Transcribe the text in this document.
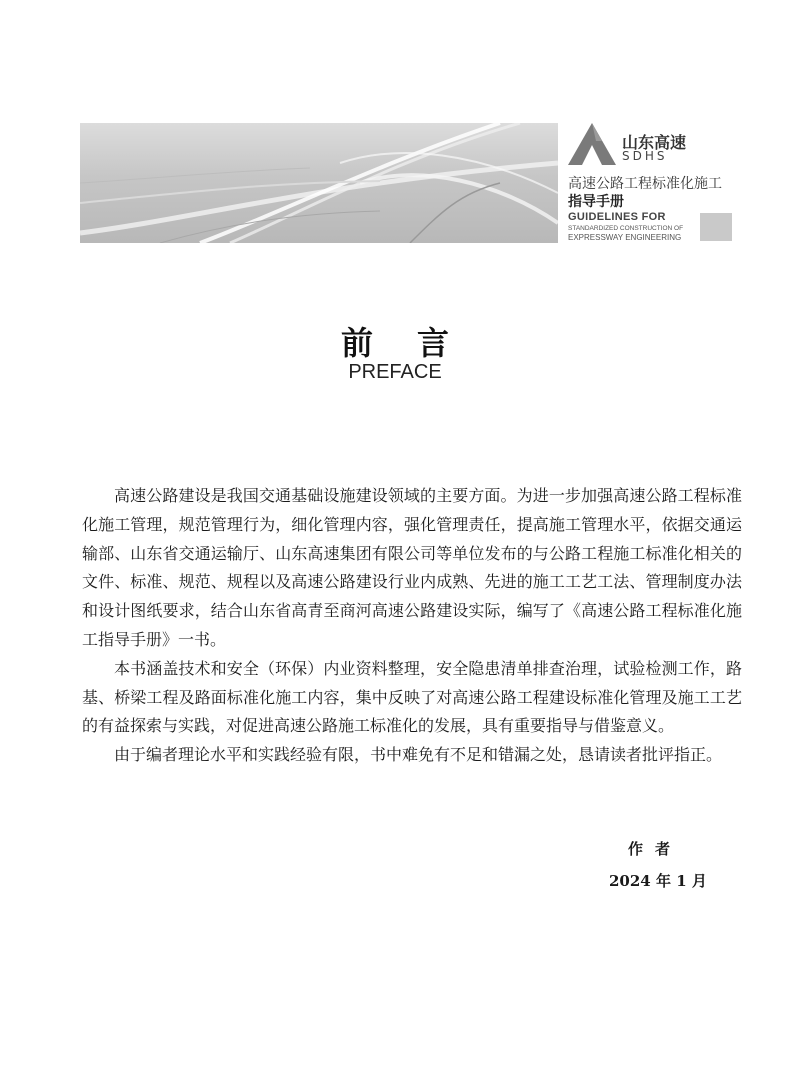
山东高速
SDHS
高速公路工程标准化施工
指导手册
GUIDELINES FOR
STANDARDIZED CONSTRUCTION OF
EXPRESSWAY ENGINEERING
前言
PREFACE

高速公路建设是我国交通基础设施建设领域的主要方面。为进一步加强高速公路工程标准化施工管理，规范管理行为，细化管理内容，强化管理责任，提高施工管理水平，依据交通运输部、山东省交通运输厅、山东高速集团有限公司等单位发布的与公路工程施工标准化相关的文件、标准、规范、规程以及高速公路建设行业内成熟、先进的施工工艺工法、管理制度办法和设计图纸要求，结合山东省高青至商河高速公路建设实际，编写了《高速公路工程标准化施工指导手册》一书。

本书涵盖技术和安全（环保）内业资料整理，安全隐患清单排查治理，试验检测工作，路基、桥梁工程及路面标准化施工内容，集中反映了对高速公路工程建设标准化管理及施工工艺的有益探索与实践，对促进高速公路施工标准化的发展，具有重要指导与借鉴意义。

由于编者理论水平和实践经验有限，书中难免有不足和错漏之处，恳请读者批评指正。

作者
2024 年 1 月
